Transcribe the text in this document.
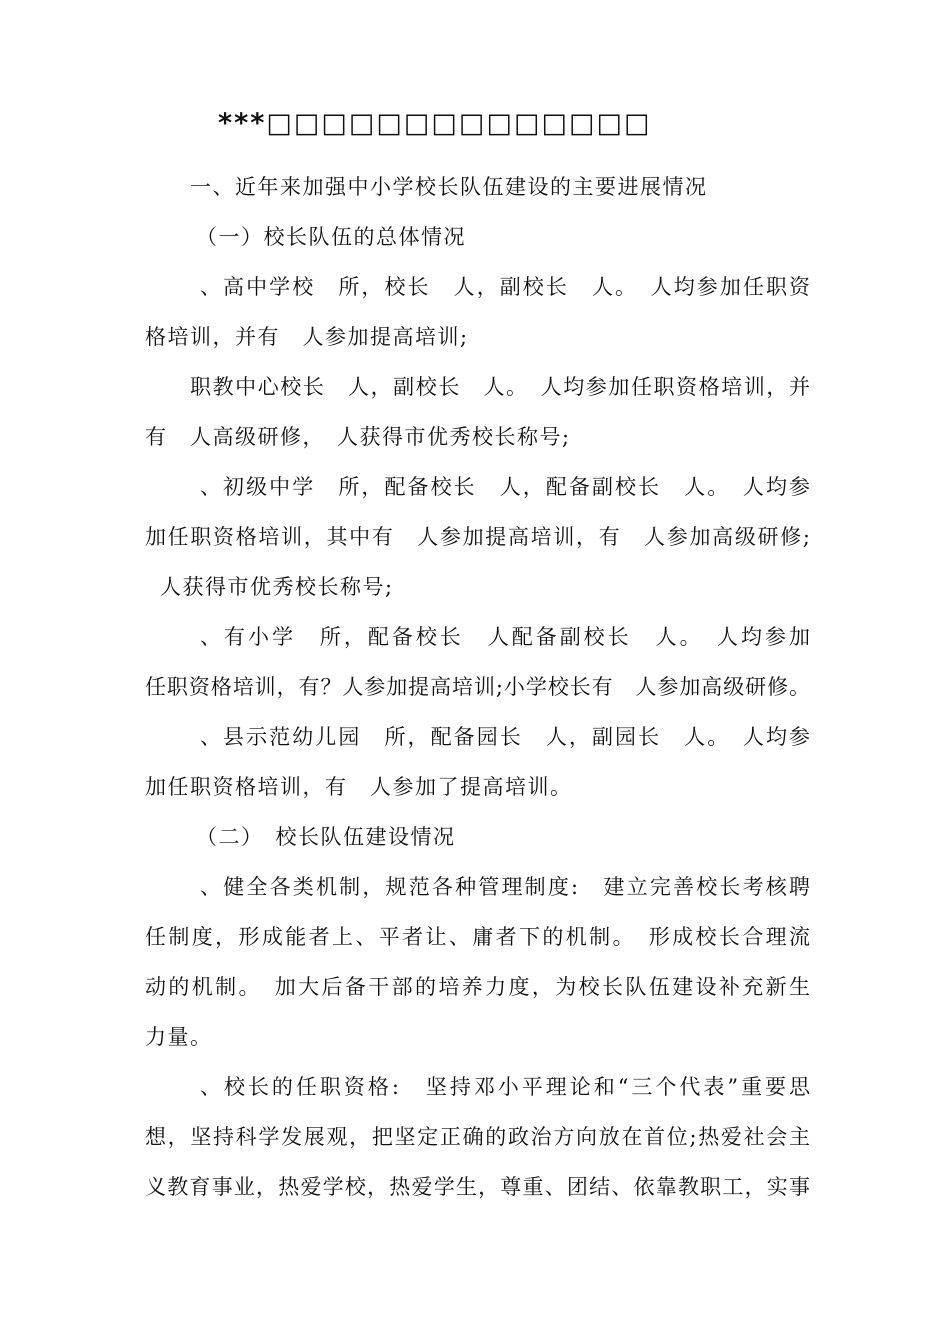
***□□□□□□□□□□□□□□
一、近年来加强中小学校长队伍建设的主要进展情况
（一）校长队伍的总体情况
、高中学校　所，校长　人，副校长　人。　人均参加任职资
格培训，并有　人参加提高培训;
职教中心校长　人，副校长　人。　人均参加任职资格培训，并
有　人高级研修，　人获得市优秀校长称号;
、初级中学　所，配备校长　人，配备副校长　人。　人均参
加任职资格培训，其中有　人参加提高培训，有　人参加高级研修;
人获得市优秀校长称号;
、有小学　所，配备校长　人配备副校长　人。　人均参加
任职资格培训，有？人参加提高培训;小学校长有　人参加高级研修。
、县示范幼儿园　所，配备园长　人，副园长　人。　人均参
加任职资格培训，有　人参加了提高培训。
（二）　校长队伍建设情况
、健全各类机制，规范各种管理制度:　建立完善校长考核聘
任制度，形成能者上、平者让、庸者下的机制。　形成校长合理流
动的机制。　加大后备干部的培养力度，为校长队伍建设补充新生
力量。
、校长的任职资格:　坚持邓小平理论和“三个代表”重要思
想，坚持科学发展观，把坚定正确的政治方向放在首位;热爱社会主
义教育事业，热爱学校，热爱学生，尊重、团结、依靠教职工，实事
